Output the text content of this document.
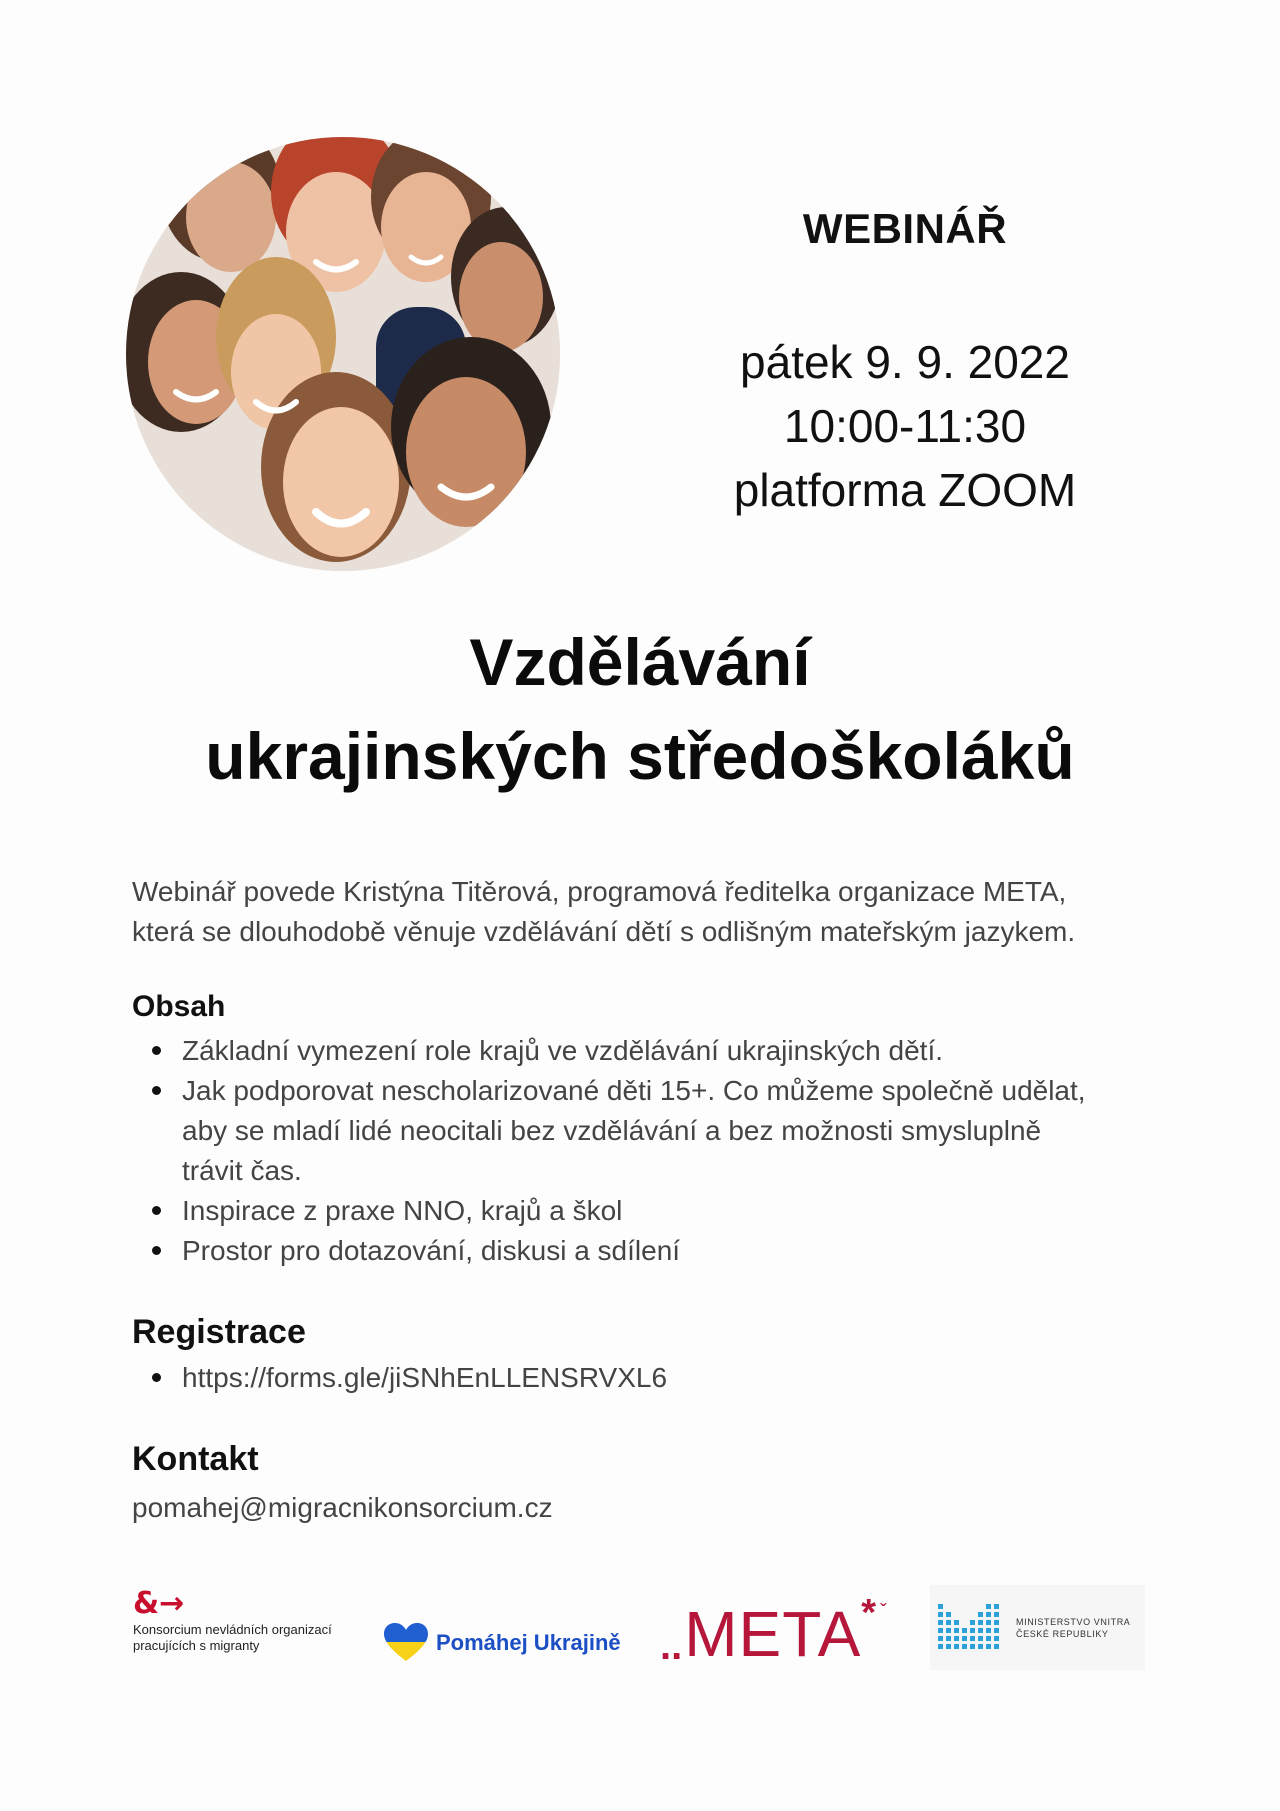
WEBINÁŘ
pátek 9. 9. 2022
10:00-11:30
platforma ZOOM
Vzdělávání
ukrajinských středoškoláků
Webinář povede Kristýna Titěrová, programová ředitelka organizace META,
která se dlouhodobě věnuje vzdělávání dětí s odlišným mateřským jazykem.
Obsah
Základní vymezení role krajů ve vzdělávání ukrajinských dětí.
Jak podporovat nescholarizované děti 15+. Co můžeme společně udělat,
aby se mladí lidé neocitali bez vzdělávání a bez možnosti smysluplně
trávit čas.
Inspirace z praxe NNO, krajů a škol
Prostor pro dotazování, diskusi a sdílení
Registrace
https://forms.gle/jiSNhEnLLENSRVXL6
Kontakt
pomahej@migracnikonsorcium.cz
&→
Konsorcium nevládních organizací
pracujících s migranty	Pomáhej Ukrajině .. META * ˇ	MINISTERSTVO VNITRA
ČESKÉ REPUBLIKY
